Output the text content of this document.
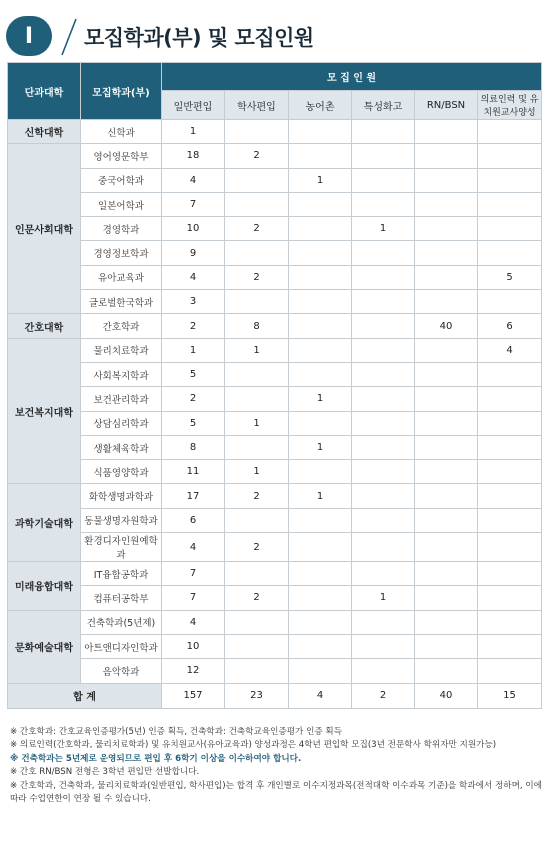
I	모집학과(부) 및 모집인원
단과대학	모집학과(부)	모 집 인 원					
		일반편입	학사편입	농어촌	특성화고	RN/BSN	의료인력 및 유치원교사양성
신학대학	신학과	1					
인문사회대학	영어영문학부	18	2				
	중국어학과	4		1			
	일본어학과	7					
	경영학과	10	2		1		
	경영정보학과	9					
	유아교육과	4	2				5
	글로벌한국학과	3					
간호대학	간호학과	2	8			40	6
보건복지대학	물리치료학과	1	1				4
	사회복지학과	5					
	보건관리학과	2		1			
	상담심리학과	5	1				
	생활체육학과	8		1			
	식품영양학과	11	1				
과학기술대학	화학생명과학과	17	2	1			
	동물생명자원학과	6					
	환경디자인원예학과	4	2				
미래융합대학	IT융합공학과	7					
	컴퓨터공학부	7	2		1		
문화예술대학	건축학과(5년제)	4					
	아트앤디자인학과	10					
	음악학과	12					
합 계		157	23	4	2	40	15
※ 간호학과: 간호교육인증평가(5년) 인증 획득, 건축학과: 건축학교육인증평가 인증 획득
※ 의료인력(간호학과, 물리치료학과) 및 유치원교사(유아교육과) 양성과정은 4학년 편입학 모집(3년 전문학사 학위자만 지원가능)
※ 건축학과는 5년제로 운영되므로 편입 후 6학기 이상을 이수하여야 합니다.
※ 간호 RN/BSN 전형은 3학년 편입만 선발합니다.
※ 간호학과, 건축학과, 물리치료학과(일반편입, 학사편입)는 합격 후 개인별로 이수지정과목(전적대학 이수과목 기준)을 학과에서 정하며, 이에 따라 수업연한이 연장 될 수 있습니다.
